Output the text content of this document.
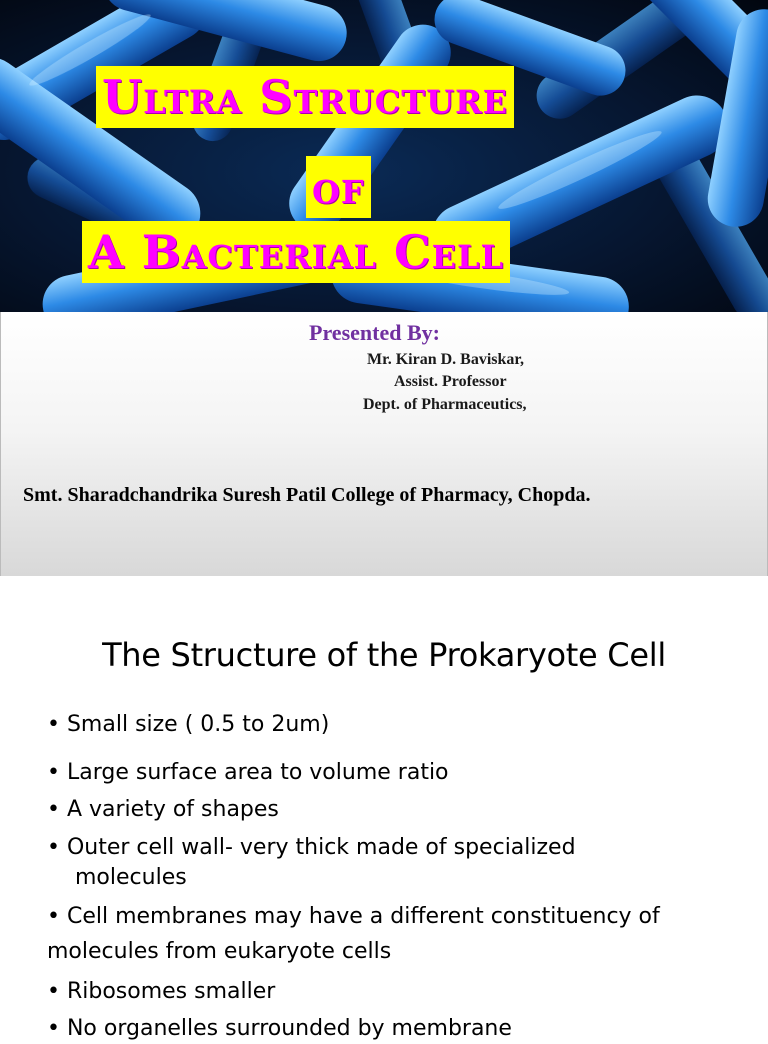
Ultra Structure
of
A Bacterial Cell
Presented By:
Mr. Kiran D. Baviskar,
Assist. Professor
Dept. of Pharmaceutics,
Smt. Sharadchandrika Suresh Patil College of Pharmacy, Chopda.
The Structure of the Prokaryote Cell
• Small size ( 0.5 to 2um)
• Large surface area to volume ratio
• A variety of shapes
• Outer cell wall- very thick made of specialized
molecules
• Cell membranes may have a different constituency of
molecules from eukaryote cells
• Ribosomes smaller
• No organelles surrounded by membrane
